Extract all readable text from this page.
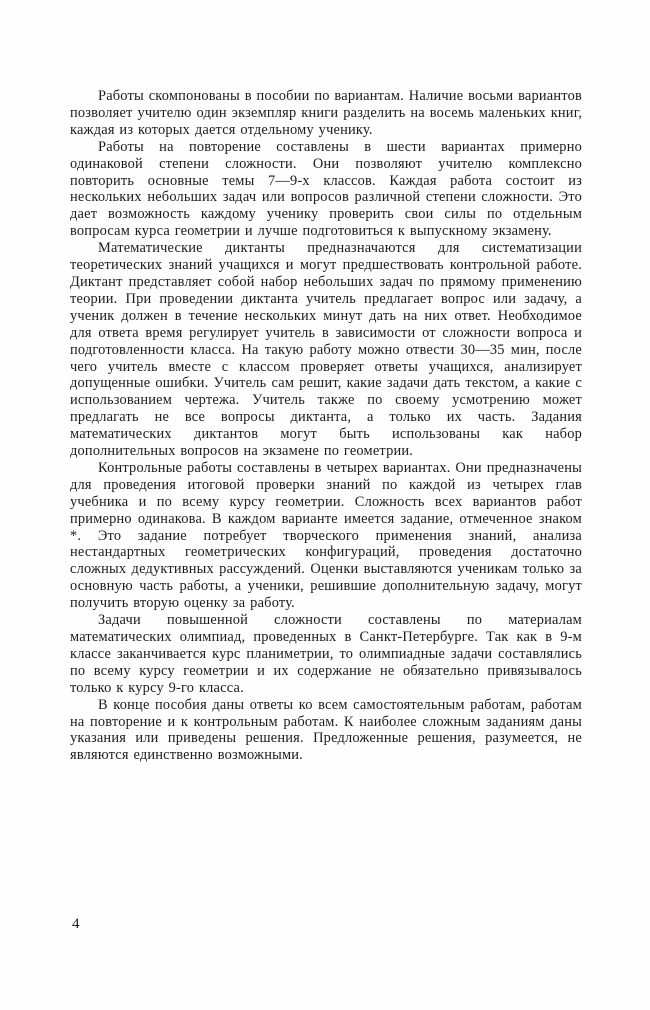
Работы скомпонованы в пособии по вариантам. Наличие восьми вариантов позволяет учителю один экземпляр книги разделить на восемь маленьких книг, каждая из которых дается отдельному ученику.

Работы на повторение составлены в шести вариантах примерно одинаковой степени сложности. Они позволяют учителю комплексно повторить основные темы 7—9-х классов. Каждая работа состоит из нескольких небольших задач или вопросов различной степени сложности. Это дает возможность каждому ученику проверить свои силы по отдельным вопросам курса геометрии и лучше подготовиться к выпускному экзамену.

Математические диктанты предназначаются для систематизации теоретических знаний учащихся и могут предшествовать контрольной работе. Диктант представляет собой набор небольших задач по прямому применению теории. При проведении диктанта учитель предлагает вопрос или задачу, а ученик должен в течение нескольких минут дать на них ответ. Необходимое для ответа время регулирует учитель в зависимости от сложности вопроса и подготовленности класса. На такую работу можно отвести 30—35 мин, после чего учитель вместе с классом проверяет ответы учащихся, анализирует допущенные ошибки. Учитель сам решит, какие задачи дать текстом, а какие с использованием чертежа. Учитель также по своему усмотрению может предлагать не все вопросы диктанта, а только их часть. Задания математических диктантов могут быть использованы как набор дополнительных вопросов на экзамене по геометрии.

Контрольные работы составлены в четырех вариантах. Они предназначены для проведения итоговой проверки знаний по каждой из четырех глав учебника и по всему курсу геометрии. Сложность всех вариантов работ примерно одинакова. В каждом варианте имеется задание, отмеченное знаком *. Это задание потребует творческого применения знаний, анализа нестандартных геометрических конфигураций, проведения достаточно сложных дедуктивных рассуждений. Оценки выставляются ученикам только за основную часть работы, а ученики, решившие дополнительную задачу, могут получить вторую оценку за работу.

Задачи повышенной сложности составлены по материалам математических олимпиад, проведенных в Санкт-Петербурге. Так как в 9-м классе заканчивается курс планиметрии, то олимпиадные задачи составлялись по всему курсу геометрии и их содержание не обязательно привязывалось только к курсу 9-го класса.

В конце пособия даны ответы ко всем самостоятельным работам, работам на повторение и к контрольным работам. К наиболее сложным заданиям даны указания или приведены решения. Предложенные решения, разумеется, не являются единственно возможными.

4
